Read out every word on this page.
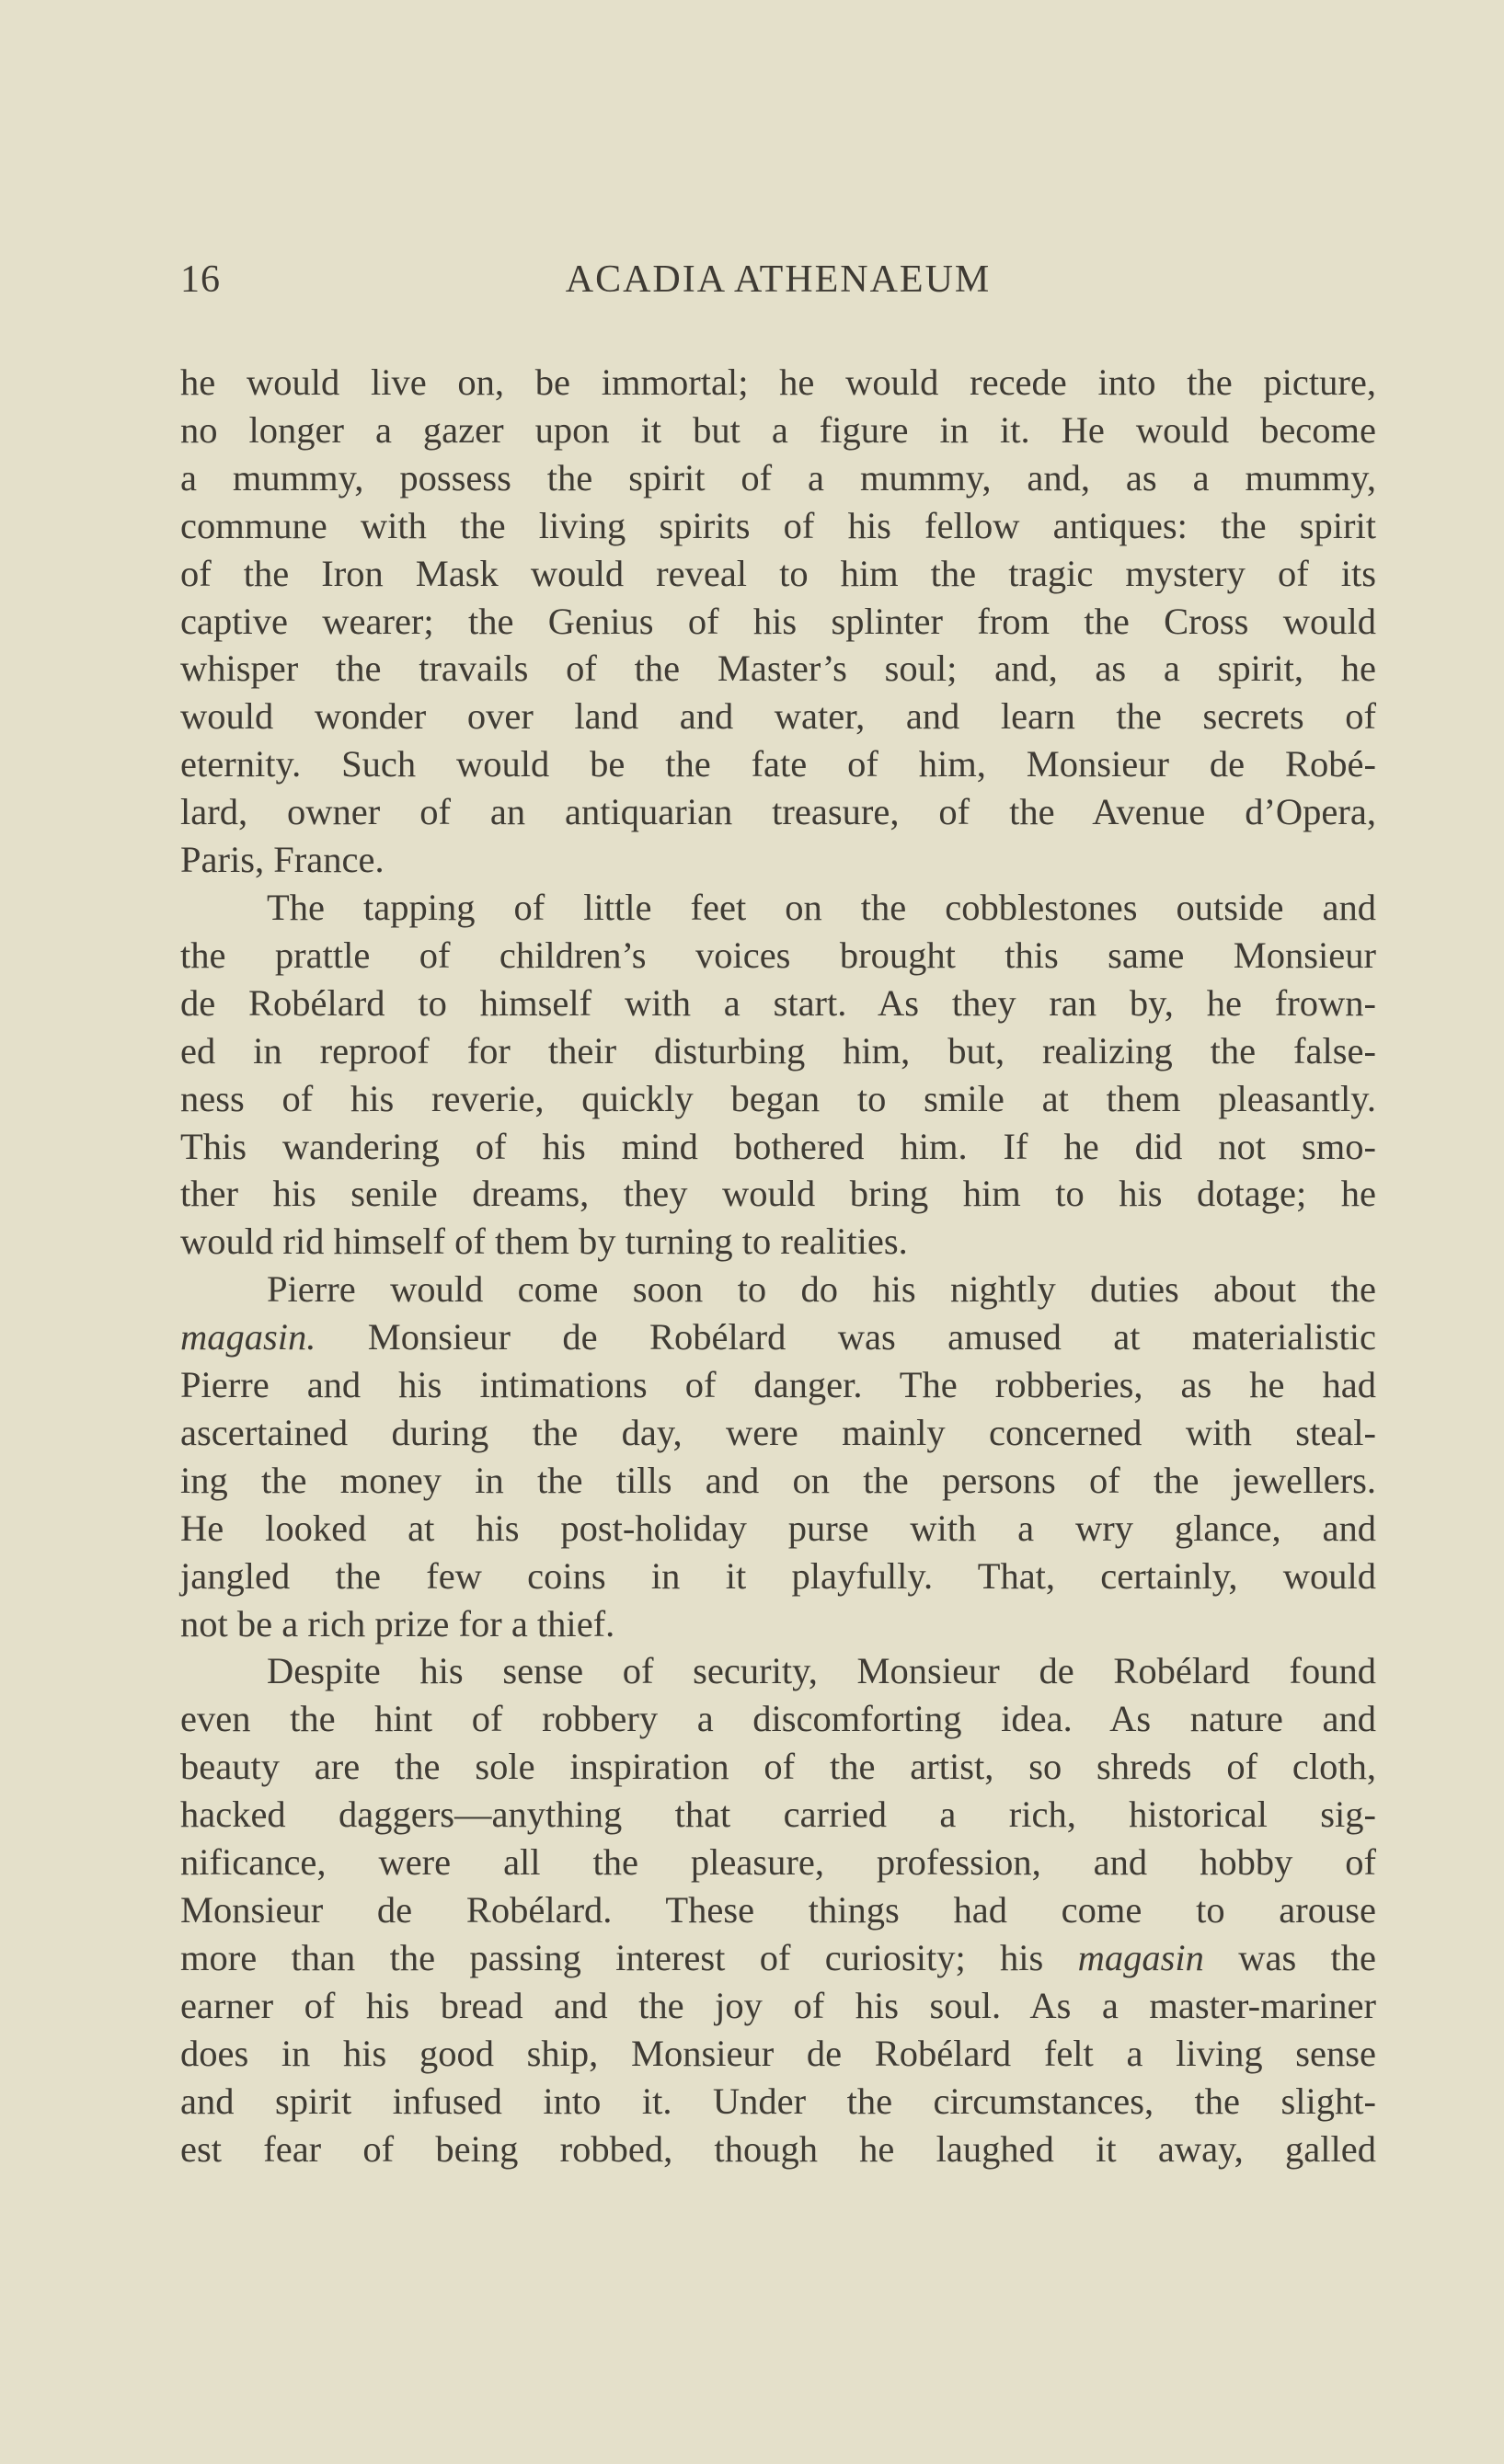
16	ACADIA ATHENAEUM
he would live on, be immortal; he would recede into the picture,
no longer a gazer upon it but a figure in it. He would become
a mummy, possess the spirit of a mummy, and, as a mummy,
commune with the living spirits of his fellow antiques: the spirit
of the Iron Mask would reveal to him the tragic mystery of its
captive wearer; the Genius of his splinter from the Cross would
whisper the travails of the Master’s soul; and, as a spirit, he
would wonder over land and water, and learn the secrets of
eternity. Such would be the fate of him, Monsieur de Robé-
lard, owner of an antiquarian treasure, of the Avenue d’Opera,
Paris, France.
The tapping of little feet on the cobblestones outside and
the prattle of children’s voices brought this same Monsieur
de Robélard to himself with a start. As they ran by, he frown-
ed in reproof for their disturbing him, but, realizing the false-
ness of his reverie, quickly began to smile at them pleasantly.
This wandering of his mind bothered him. If he did not smo-
ther his senile dreams, they would bring him to his dotage; he
would rid himself of them by turning to realities.
Pierre would come soon to do his nightly duties about the
magasin. Monsieur de Robélard was amused at materialistic
Pierre and his intimations of danger. The robberies, as he had
ascertained during the day, were mainly concerned with steal-
ing the money in the tills and on the persons of the jewellers.
He looked at his post-holiday purse with a wry glance, and
jangled the few coins in it playfully. That, certainly, would
not be a rich prize for a thief.
Despite his sense of security, Monsieur de Robélard found
even the hint of robbery a discomforting idea. As nature and
beauty are the sole inspiration of the artist, so shreds of cloth,
hacked daggers—anything that carried a rich, historical sig-
nificance, were all the pleasure, profession, and hobby of
Monsieur de Robélard. These things had come to arouse
more than the passing interest of curiosity; his magasin was the
earner of his bread and the joy of his soul. As a master-mariner
does in his good ship, Monsieur de Robélard felt a living sense
and spirit infused into it. Under the circumstances, the slight-
est fear of being robbed, though he laughed it away, galled
